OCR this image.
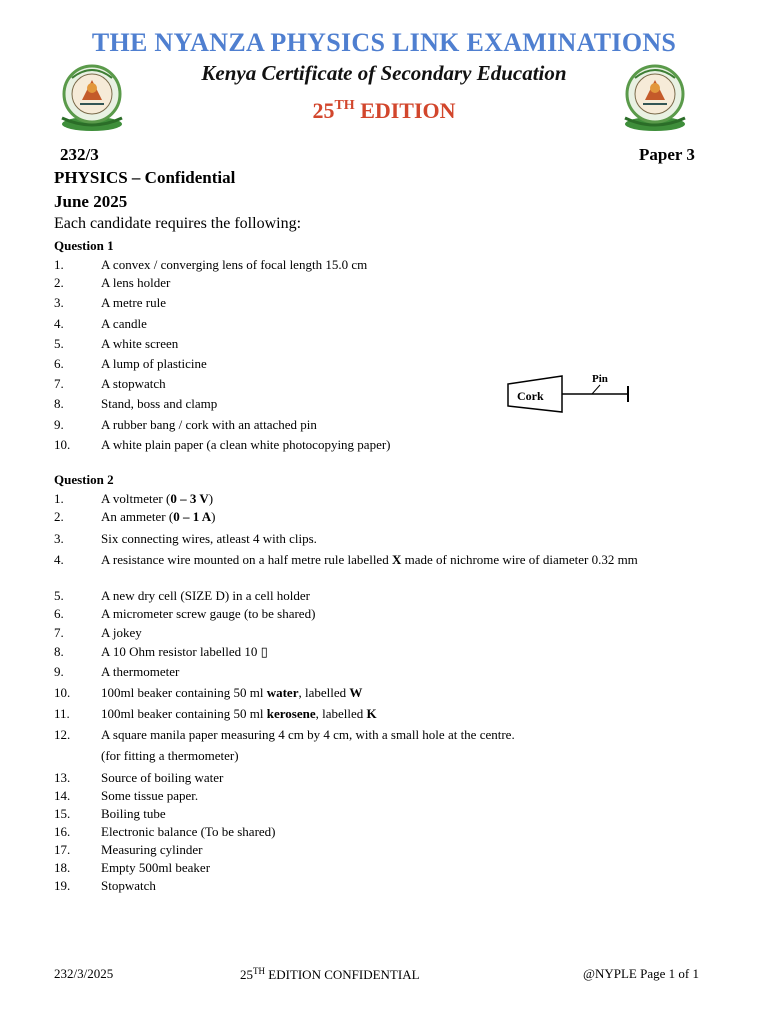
THE NYANZA PHYSICS LINK EXAMINATIONS
Kenya Certificate of Secondary Education
25TH EDITION
232/3	Paper 3
PHYSICS – Confidential
June 2025
Each candidate requires the following:
Question 1
1.	A convex / converging lens of focal length 15.0 cm
2.	A lens holder
3.	A metre rule
4.	A candle
5.	A white screen
6.	A lump of plasticine
7.	A stopwatch
8.	Stand, boss and clamp
9.	A rubber bang / cork with an attached pin
10.	A white plain paper (a clean white photocopying paper)
Cork
Pin
Question 2
1.	A voltmeter (0 – 3 V)
2.	An ammeter (0 – 1 A)
3.	Six connecting wires, atleast 4 with clips.
4.	A resistance wire mounted on a half metre rule labelled X made of nichrome wire of diameter 0.32 mm
5.	A new dry cell (SIZE D) in a cell holder
6.	A micrometer screw gauge (to be shared)
7.	A jokey
8.	A 10 Ohm resistor labelled 10 ▯
9.	A thermometer
10.	100ml beaker containing 50 ml water, labelled W
11.	100ml beaker containing 50 ml kerosene, labelled K
12.	A square manila paper measuring 4 cm by 4 cm, with a small hole at the centre.
(for fitting a thermometer)
13.	Source of boiling water
14.	Some tissue paper.
15.	Boiling tube
16.	Electronic balance (To be shared)
17.	Measuring cylinder
18.	Empty 500ml beaker
19.	Stopwatch
232/3/2025	25TH EDITION CONFIDENTIAL	@NYPLE Page 1 of 1
